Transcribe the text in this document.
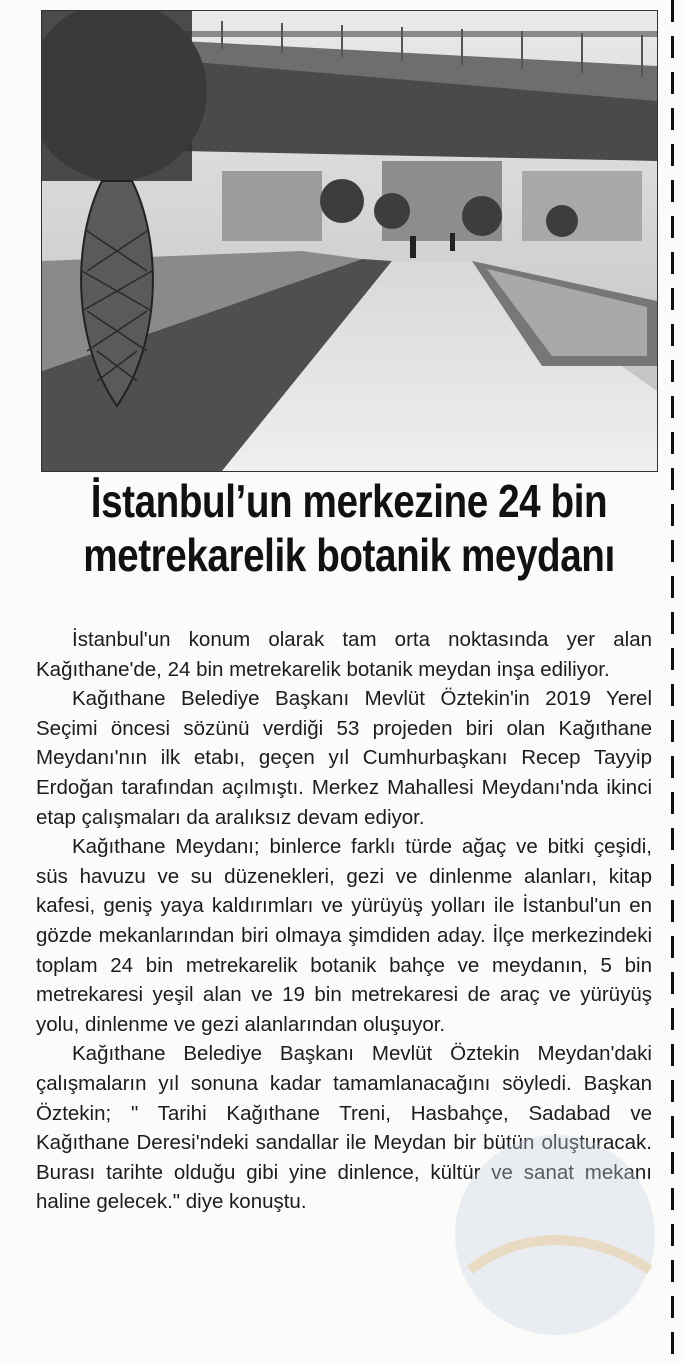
İstanbul’un merkezine 24 bin
metrekarelik botanik meydanı

İstanbul'un konum olarak tam orta noktasında yer alan Kağıthane'de, 24 bin metrekarelik botanik meydan inşa ediliyor.

Kağıthane Belediye Başkanı Mevlüt Öztekin'in 2019 Yerel Seçimi öncesi sözünü verdiği 53 projeden biri olan Kağıthane Meydanı'nın ilk etabı, geçen yıl Cumhurbaşkanı Recep Tayyip Erdoğan tarafından açılmıştı. Merkez Mahallesi Meydanı'nda ikinci etap çalışmaları da aralıksız devam ediyor.

Kağıthane Meydanı; binlerce farklı türde ağaç ve bitki çeşidi, süs havuzu ve su düzenekleri, gezi ve dinlenme alanları, kitap kafesi, geniş yaya kaldırımları ve yürüyüş yolları ile İstanbul'un en gözde mekanlarından biri olmaya şimdiden aday. İlçe merkezindeki toplam 24 bin metrekarelik botanik bahçe ve meydanın, 5 bin metrekaresi yeşil alan ve 19 bin metrekaresi de araç ve yürüyüş yolu, dinlenme ve gezi alanlarından oluşuyor.

Kağıthane Belediye Başkanı Mevlüt Öztekin Meydan'daki çalışmaların yıl sonuna kadar tamamlanacağını söyledi. Başkan Öztekin; " Tarihi Kağıthane Treni, Hasbahçe, Sadabad ve Kağıthane Deresi'ndeki sandallar ile Meydan bir bütün oluşturacak. Burası tarihte olduğu gibi yine dinlence, kültür ve sanat mekanı haline gelecek." diye konuştu.
